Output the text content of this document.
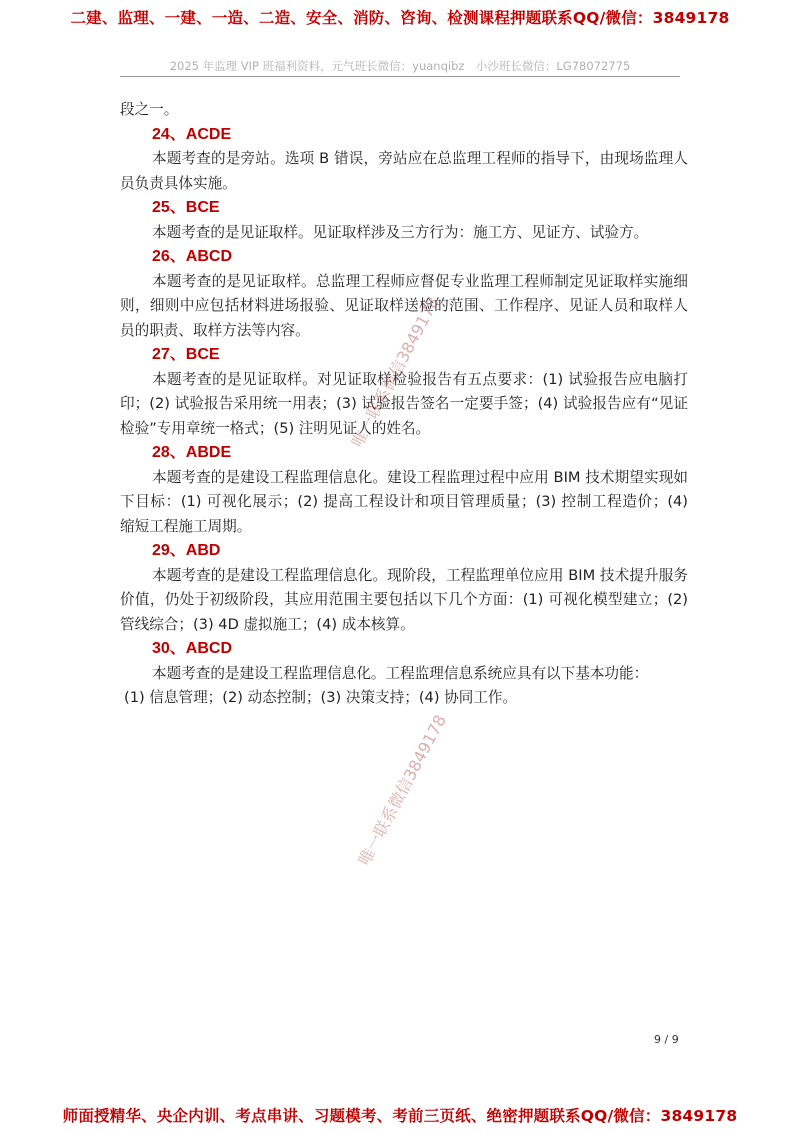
二建、监理、一建、一造、二造、安全、消防、咨询、检测课程押题联系QQ/微信：3849178
2025 年监理 VIP 班福利资料，元气班长微信：yuanqibz　小沙班长微信：LG78072775

段之一。

24、ACDE

本题考查的是旁站。选项 B 错误，旁站应在总监理工程师的指导下，由现场监理人员负责具体实施。

25、BCE

本题考查的是见证取样。见证取样涉及三方行为：施工方、见证方、试验方。

26、ABCD

本题考查的是见证取样。总监理工程师应督促专业监理工程师制定见证取样实施细则，细则中应包括材料进场报验、见证取样送检的范围、工作程序、见证人员和取样人员的职责、取样方法等内容。

27、BCE

本题考查的是见证取样。对见证取样检验报告有五点要求：(1) 试验报告应电脑打印；(2) 试验报告采用统一用表；(3) 试验报告签名一定要手签；(4) 试验报告应有“见证检验”专用章统一格式；(5) 注明见证人的姓名。

28、ABDE

本题考查的是建设工程监理信息化。建设工程监理过程中应用 BIM 技术期望实现如下目标：(1) 可视化展示；(2) 提高工程设计和项目管理质量；(3) 控制工程造价；(4) 缩短工程施工周期。

29、ABD

本题考查的是建设工程监理信息化。现阶段，工程监理单位应用 BIM 技术提升服务价值，仍处于初级阶段，其应用范围主要包括以下几个方面：(1) 可视化模型建立；(2) 管线综合；(3) 4D 虚拟施工；(4) 成本核算。

30、ABCD

本题考查的是建设工程监理信息化。工程监理信息系统应具有以下基本功能：

(1) 信息管理；(2) 动态控制；(3) 决策支持；(4) 协同工作。

唯一联系微信3849178
唯一联系微信3849178
9 / 9
师面授精华、央企内训、考点串讲、习题模考、考前三页纸、绝密押题联系QQ/微信：3849178
